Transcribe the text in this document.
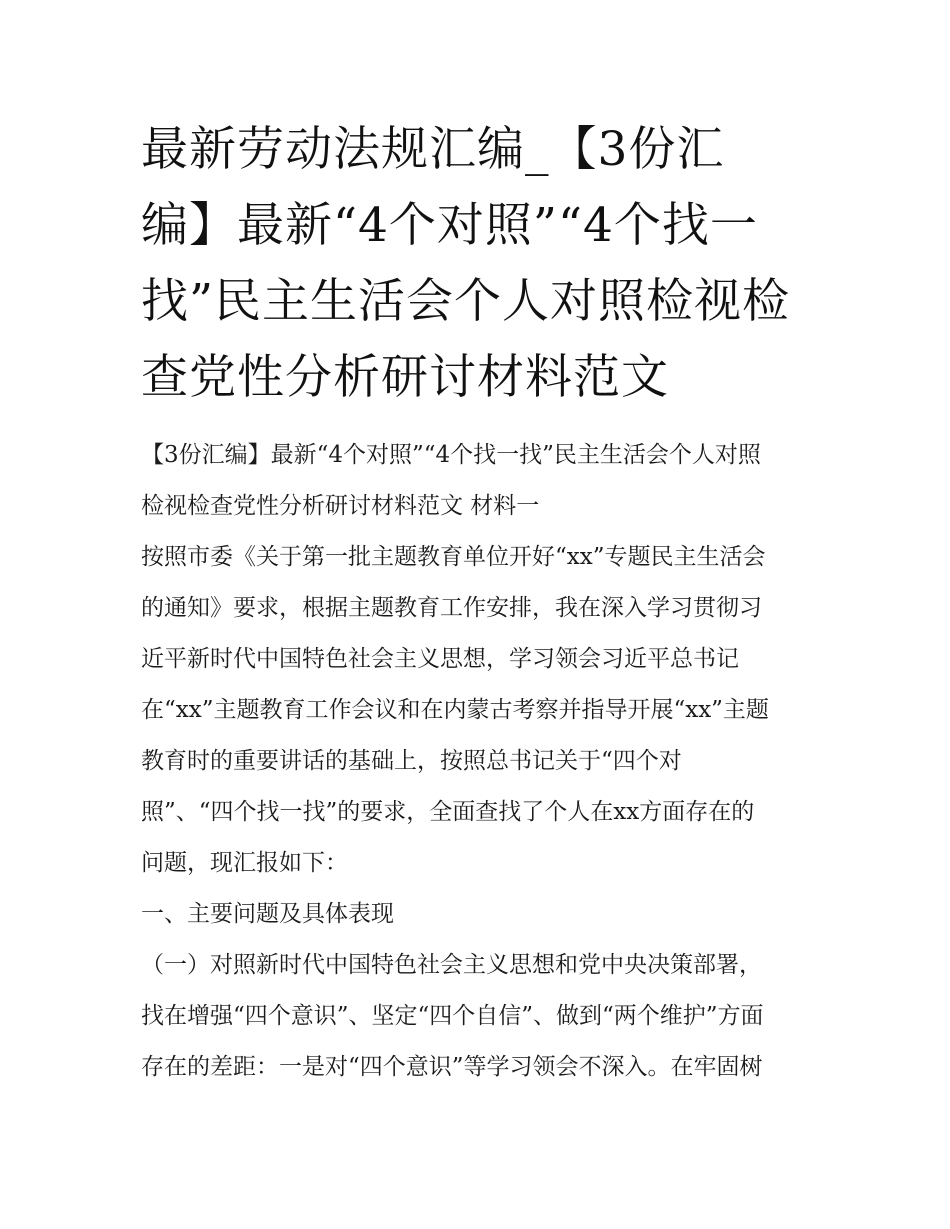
最新劳动法规汇编_【3份汇
编】最新“4个对照”“4个找一
找”民主生活会个人对照检视检
查党性分析研讨材料范文
【3份汇编】最新“4个对照”“4个找一找”民主生活会个人对照
检视检查党性分析研讨材料范文 材料一
按照市委《关于第一批主题教育单位开好“xx”专题民主生活会
的通知》要求，根据主题教育工作安排，我在深入学习贯彻习
近平新时代中国特色社会主义思想，学习领会习近平总书记
在“xx”主题教育工作会议和在内蒙古考察并指导开展“xx”主题
教育时的重要讲话的基础上，按照总书记关于“四个对
照”、“四个找一找”的要求，全面查找了个人在xx方面存在的
问题，现汇报如下：
一、主要问题及具体表现
（一）对照新时代中国特色社会主义思想和党中央决策部署，
找在增强“四个意识”、坚定“四个自信”、做到“两个维护”方面
存在的差距：一是对“四个意识”等学习领会不深入。在牢固树
